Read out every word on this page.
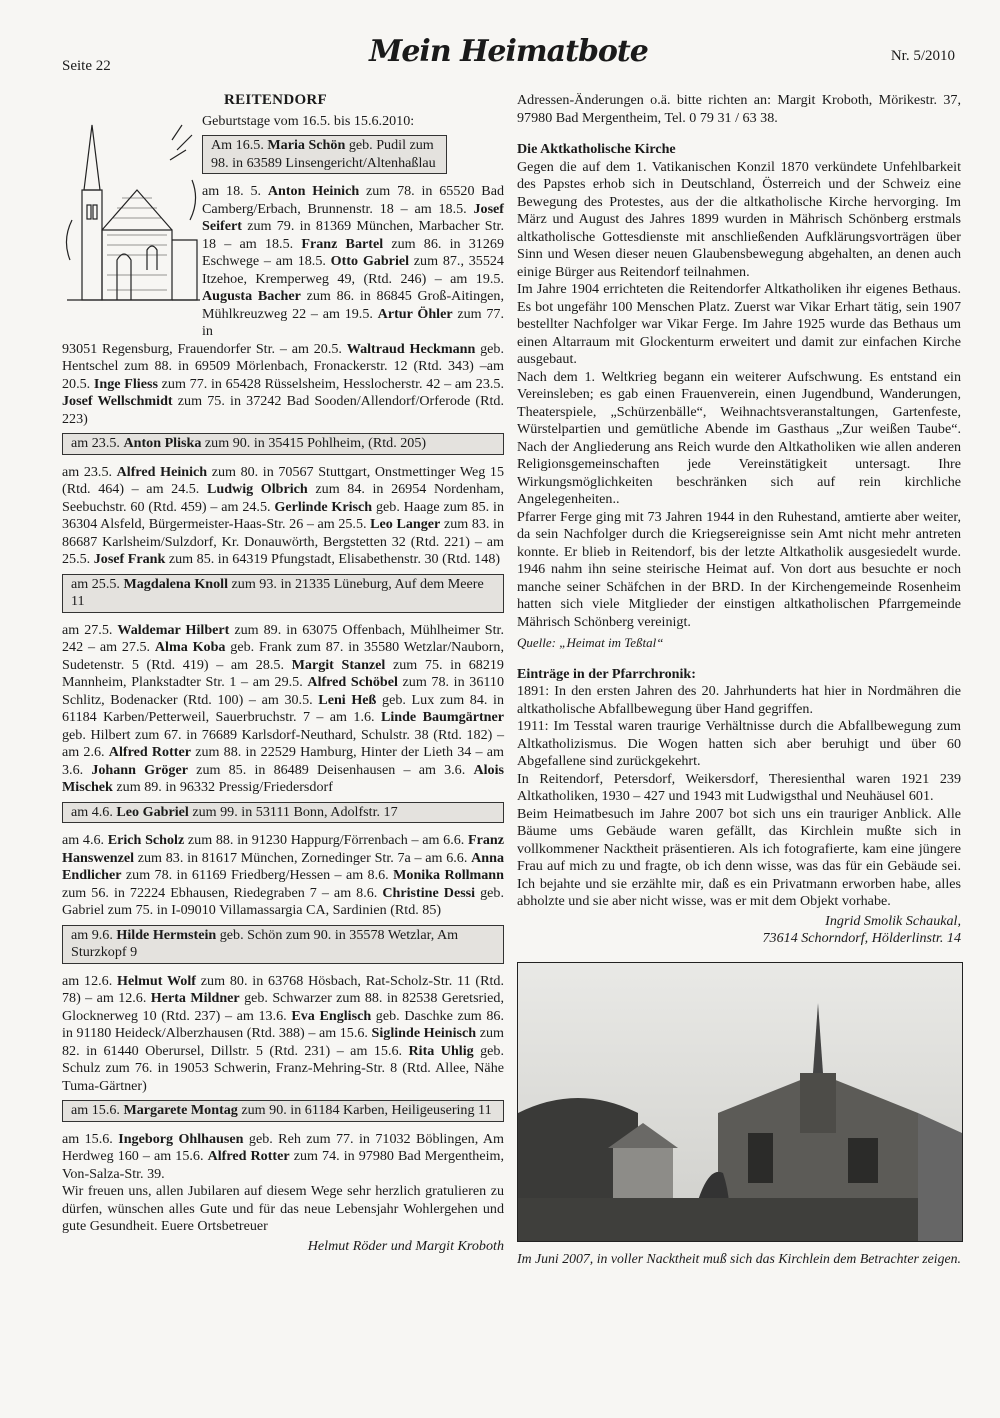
Seite 22	Mein Heimatbote	Nr. 5/2010
REITENDORF
Geburtstage vom 16.5. bis 15.6.2010:
Am 16.5. Maria Schön geb. Pudil zum 98. in 63589 Linsengericht/Altenhaßlau

am 18. 5. Anton Heinich zum 78. in 65520 Bad Camberg/Erbach, Brunnenstr. 18 – am 18.5. Josef Seifert zum 79. in 81369 München, Marbacher Str. 18 – am 18.5. Franz Bartel zum 86. in 31269 Eschwege – am 18.5. Otto Gabriel zum 87., 35524 Itzehoe, Kremperweg 49, (Rtd. 246) – am 19.5. Augusta Bacher zum 86. in 86845 Groß-Aitingen, Mühlkreuzweg 22 – am 19.5. Artur Öhler zum 77. in

93051 Regensburg, Frauendorfer Str. – am 20.5. Waltraud Heckmann geb. Hentschel zum 88. in 69509 Mörlenbach, Fronackerstr. 12 (Rtd. 343) –am 20.5. Inge Fliess zum 77. in 65428 Rüsselsheim, Hesslocherstr. 42 – am 23.5. Josef Wellschmidt zum 75. in 37242 Bad Sooden/Allendorf/Orferode (Rtd. 223)

am 23.5. Anton Pliska zum 90. in 35415 Pohlheim, (Rtd. 205)

am 23.5. Alfred Heinich zum 80. in 70567 Stuttgart, Onstmettinger Weg 15 (Rtd. 464) – am 24.5. Ludwig Olbrich zum 84. in 26954 Nordenham, Seebuchstr. 60 (Rtd. 459) – am 24.5. Gerlinde Krisch geb. Haage zum 85. in 36304 Alsfeld, Bürgermeister-Haas-Str. 26 – am 25.5. Leo Langer zum 83. in 86687 Karlsheim/Sulzdorf, Kr. Donauwörth, Bergstetten 32 (Rtd. 221) – am 25.5. Josef Frank zum 85. in 64319 Pfungstadt, Elisabethenstr. 30 (Rtd. 148)

am 25.5. Magdalena Knoll zum 93. in 21335 Lüneburg, Auf dem Meere 11

am 27.5. Waldemar Hilbert zum 89. in 63075 Offenbach, Mühlheimer Str. 242 – am 27.5. Alma Koba geb. Frank zum 87. in 35580 Wetzlar/Nauborn, Sudetenstr. 5 (Rtd. 419) – am 28.5. Margit Stanzel zum 75. in 68219 Mannheim, Plankstadter Str. 1 – am 29.5. Alfred Schöbel zum 78. in 36110 Schlitz, Bodenacker (Rtd. 100) – am 30.5. Leni Heß geb. Lux zum 84. in 61184 Karben/Petterweil, Sauerbruchstr. 7 – am 1.6. Linde Baumgärtner geb. Hilbert zum 67. in 76689 Karlsdorf-Neuthard, Schulstr. 38 (Rtd. 182) – am 2.6. Alfred Rotter zum 88. in 22529 Hamburg, Hinter der Lieth 34 – am 3.6. Johann Gröger zum 85. in 86489 Deisenhausen – am 3.6. Alois Mischek zum 89. in 96332 Pressig/Friedersdorf

am 4.6. Leo Gabriel zum 99. in 53111 Bonn, Adolfstr. 17

am 4.6. Erich Scholz zum 88. in 91230 Happurg/Förrenbach – am 6.6. Franz Hanswenzel zum 83. in 81617 München, Zornedinger Str. 7a – am 6.6. Anna Endlicher zum 78. in 61169 Friedberg/Hessen – am 8.6. Monika Rollmann zum 56. in 72224 Ebhausen, Riedegraben 7 – am 8.6. Christine Dessi geb. Gabriel zum 75. in I-09010 Villamassargia CA, Sardinien (Rtd. 85)

am 9.6. Hilde Hermstein geb. Schön zum 90. in 35578 Wetzlar, Am Sturzkopf 9

am 12.6. Helmut Wolf zum 80. in 63768 Hösbach, Rat-Scholz-Str. 11 (Rtd. 78) – am 12.6. Herta Mildner geb. Schwarzer zum 88. in 82538 Geretsried, Glocknerweg 10 (Rtd. 237) – am 13.6. Eva Englisch geb. Daschke zum 86. in 91180 Heideck/Alberzhausen (Rtd. 388) – am 15.6. Siglinde Heinisch zum 82. in 61440 Oberursel, Dillstr. 5 (Rtd. 231) – am 15.6. Rita Uhlig geb. Schulz zum 76. in 19053 Schwerin, Franz-Mehring-Str. 8 (Rtd. Allee, Nähe Tuma-Gärtner)

am 15.6. Margarete Montag zum 90. in 61184 Karben, Heiligeusering 11

am 15.6. Ingeborg Ohlhausen geb. Reh zum 77. in 71032 Böblingen, Am Herdweg 160 – am 15.6. Alfred Rotter zum 74. in 97980 Bad Mergentheim, Von-Salza-Str. 39.

Wir freuen uns, allen Jubilaren auf diesem Wege sehr herzlich gratulieren zu dürfen, wünschen alles Gute und für das neue Lebensjahr Wohlergehen und gute Gesundheit. Euere Ortsbetreuer

Helmut Röder und Margit Kroboth

Adressen-Änderungen o.ä. bitte richten an: Margit Kroboth, Mörikestr. 37, 97980 Bad Mergentheim, Tel. 0 79 31 / 63 38.

Die Aktkatholische Kirche

Gegen die auf dem 1. Vatikanischen Konzil 1870 verkündete Unfehlbarkeit des Papstes erhob sich in Deutschland, Österreich und der Schweiz eine Bewegung des Protestes, aus der die altkatholische Kirche hervorging. Im März und August des Jahres 1899 wurden in Mährisch Schönberg erstmals altkatholische Gottesdienste mit anschließenden Aufklärungsvorträgen über Sinn und Wesen dieser neuen Glaubensbewegung abgehalten, an denen auch einige Bürger aus Reitendorf teilnahmen.

Im Jahre 1904 errichteten die Reitendorfer Altkatholiken ihr eigenes Bethaus. Es bot ungefähr 100 Menschen Platz. Zuerst war Vikar Erhart tätig, sein 1907 bestellter Nachfolger war Vikar Ferge. Im Jahre 1925 wurde das Bethaus um einen Altarraum mit Glockenturm erweitert und damit zur einfachen Kirche ausgebaut.

Nach dem 1. Weltkrieg begann ein weiterer Aufschwung. Es entstand ein Vereinsleben; es gab einen Frauenverein, einen Jugendbund, Wanderungen, Theaterspiele, „Schürzenbälle“, Weihnachtsveranstaltungen, Gartenfeste, Würstelpartien und gemütliche Abende im Gasthaus „Zur weißen Taube“. Nach der Angliederung ans Reich wurde den Altkatholiken wie allen anderen Religionsgemeinschaften jede Vereinstätigkeit untersagt. Ihre Wirkungsmöglichkeiten beschränken sich auf rein kirchliche Angelegenheiten..

Pfarrer Ferge ging mit 73 Jahren 1944 in den Ruhestand, amtierte aber weiter, da sein Nachfolger durch die Kriegsereignisse sein Amt nicht mehr antreten konnte. Er blieb in Reitendorf, bis der letzte Altkatholik ausgesiedelt wurde. 1946 nahm ihn seine steirische Heimat auf. Von dort aus besuchte er noch manche seiner Schäfchen in der BRD. In der Kirchengemeinde Rosenheim hatten sich viele Mitglieder der einstigen altkatholischen Pfarrgemeinde Mährisch Schönberg vereinigt.

Quelle: „Heimat im Teßtal“
Einträge in der Pfarrchronik:

1891: In den ersten Jahren des 20. Jahrhunderts hat hier in Nordmähren die altkatholische Abfallbewegung über Hand gegriffen.

1911: Im Tesstal waren traurige Verhältnisse durch die Abfallbewegung zum Altkatholizismus. Die Wogen hatten sich aber beruhigt und über 60 Abgefallene sind zurückgekehrt.

In Reitendorf, Petersdorf, Weikersdorf, Theresienthal waren 1921 239 Altkatholiken, 1930 – 427 und 1943 mit Ludwigsthal und Neuhäusel 601.

Beim Heimatbesuch im Jahre 2007 bot sich uns ein trauriger Anblick. Alle Bäume ums Gebäude waren gefällt, das Kirchlein mußte sich in vollkommener Nacktheit präsentieren. Als ich fotografierte, kam eine jüngere Frau auf mich zu und fragte, ob ich denn wisse, was das für ein Gebäude sei. Ich bejahte und sie erzählte mir, daß es ein Privatmann erworben habe, alles abholzte und sie aber nicht wisse, was er mit dem Objekt vorhabe.

Ingrid Smolik Schaukal,
73614 Schorndorf, Hölderlinstr. 14
Im Juni 2007, in voller Nacktheit muß sich das Kirchlein dem Betrachter zeigen.
